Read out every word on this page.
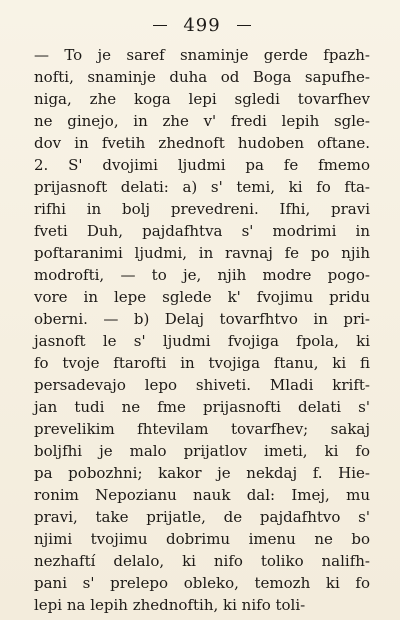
499
— To je saref snaminje gerde fpazh-
nofti, snaminje duha od Boga sapufhe-
niga, zhe koga lepi sgledi tovarfhev
ne ginejo, in zhe v' fredi lepih sgle-
dov in fvetih zhednoft hudoben oftane.
2. S' dvojimi ljudmi pa fe fmemo
prijasnoft delati: a) s' temi, ki fo fta-
rifhi in bolj prevedreni. Ifhi, pravi
fveti Duh, pajdafhtva s' modrimi in
poftaranimi ljudmi, in ravnaj fe po njih
modrofti, — to je, njih modre pogo-
vore in lepe sglede k' fvojimu pridu
oberni. — b) Delaj tovarfhtvo in pri-
jasnoft le s' ljudmi fvojiga fpola, ki
fo tvoje ftarofti in tvojiga ftanu, ki fi
persadevajo lepo shiveti. Mladi krift-
jan tudi ne fme prijasnofti delati s'
prevelikim fhtevilam tovarfhev; sakaj
boljfhi je malo prijatlov imeti, ki fo
pa pobozhni; kakor je nekdaj f. Hie-
ronim Nepozianu nauk dal: Imej, mu
pravi, take prijatle, de pajdafhtvo s'
njimi tvojimu dobrimu imenu ne bo
nezhaftí delalo, ki nifo toliko nalifh-
pani s' prelepo obleko, temozh ki fo
lepi na lepih zhednoftih, ki nifo toli-
